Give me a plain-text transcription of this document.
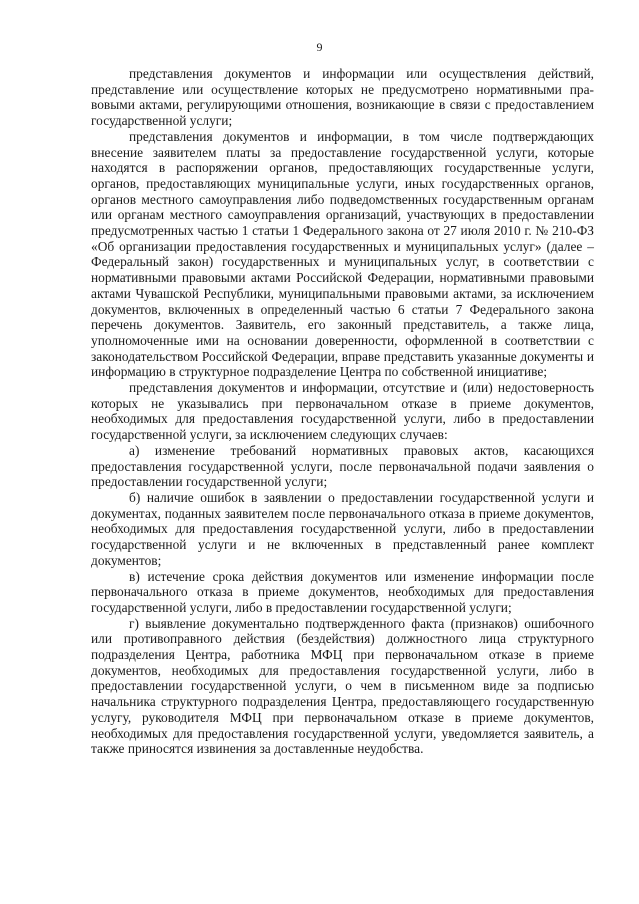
9

представления документов и информации или осуществления действий, представление или осуществление которых не предусмотрено нормативными правовыми актами, регулирующими отношения, возникающие в связи с предоставлением государственной услуги;

представления документов и информации, в том числе подтверждающих внесение заявителем платы за предоставление государственной услуги, которые находятся в распоряжении органов, предоставляющих государственные услуги, органов, предоставляющих муниципальные услуги, иных государственных органов, органов местного самоуправления либо подведомственных государственным органам или органам местного самоуправления организаций, участвующих в предоставлении предусмотренных частью 1 статьи 1 Федерального закона от 27 июля 2010 г. № 210-ФЗ «Об организации предоставления государственных и муниципальных услуг» (далее – Федеральный закон) государственных и муниципальных услуг, в соответствии с нормативными правовыми актами Российской Федерации, нормативными правовыми актами Чувашской Республики, муниципальными правовыми актами, за исключением документов, включенных в определенный частью 6 статьи 7 Федерального закона перечень документов. Заявитель, его законный представитель, а также лица, уполномоченные ими на основании доверенности, оформленной в соответствии с законодательством Российской Федерации, вправе представить указанные документы и информацию в структурное подразделение Центра по собственной инициативе;

представления документов и информации, отсутствие и (или) недостоверность которых не указывались при первоначальном отказе в приеме документов, необходимых для предоставления государственной услуги, либо в предоставлении государственной услуги, за исключением следующих случаев:

а) изменение требований нормативных правовых актов, касающихся предоставления государственной услуги, после первоначальной подачи заявления о предоставлении государственной услуги;

б) наличие ошибок в заявлении о предоставлении государственной услуги и документах, поданных заявителем после первоначального отказа в приеме документов, необходимых для предоставления государственной услуги, либо в предоставлении государственной услуги и не включенных в представленный ранее комплект документов;

в) истечение срока действия документов или изменение информации после первоначального отказа в приеме документов, необходимых для предоставления государственной услуги, либо в предоставлении государственной услуги;

г) выявление документально подтвержденного факта (признаков) ошибочного или противоправного действия (бездействия) должностного лица структурного подразделения Центра, работника МФЦ при первоначальном отказе в приеме документов, необходимых для предоставления государственной услуги, либо в предоставлении государственной услуги, о чем в письменном виде за подписью начальника структурного подразделения Центра, предоставляющего государственную услугу, руководителя МФЦ при первоначальном отказе в приеме документов, необходимых для предоставления государственной услуги, уведомляется заявитель, а также приносятся извинения за доставленные неудобства.
